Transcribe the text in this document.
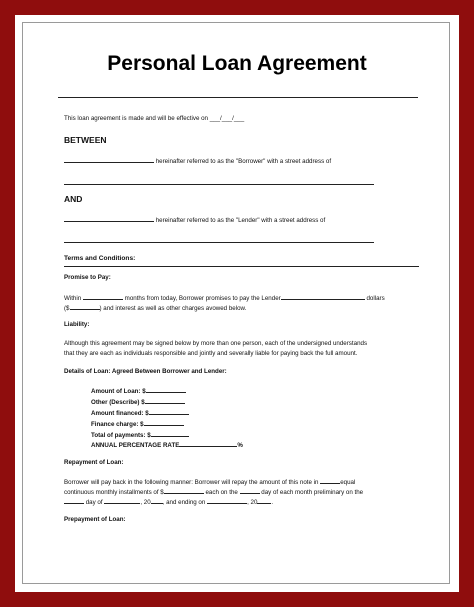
Personal Loan Agreement
This loan agreement is made and will be effective on ___/___/___
BETWEEN
hereinafter referred to as the "Borrower" with a street address of
AND
hereinafter referred to as the "Lender" with a street address of
Terms and Conditions:
Promise to Pay:
Within	months from today, Borrower promises to pay the Lender	dollars
($	) and interest as well as other charges avowed below.
Liability:
Although this agreement may be signed below by more than one person, each of the undersigned understands
that they are each as individuals responsible and jointly and severally liable for paying back the full amount.
Details of Loan: Agreed Between Borrower and Lender:
Amount of Loan: $
Other (Describe) $
Amount financed: $
Finance charge: $
Total of payments: $
ANNUAL PERCENTAGE RATE	%
Repayment of Loan:
Borrower will pay back in the following manner: Borrower will repay the amount of this note in	equal
continuous monthly installments of $	each on the	day of each month preliminary on the
day of	, 20 , and ending on	, 20 .
Prepayment of Loan:
